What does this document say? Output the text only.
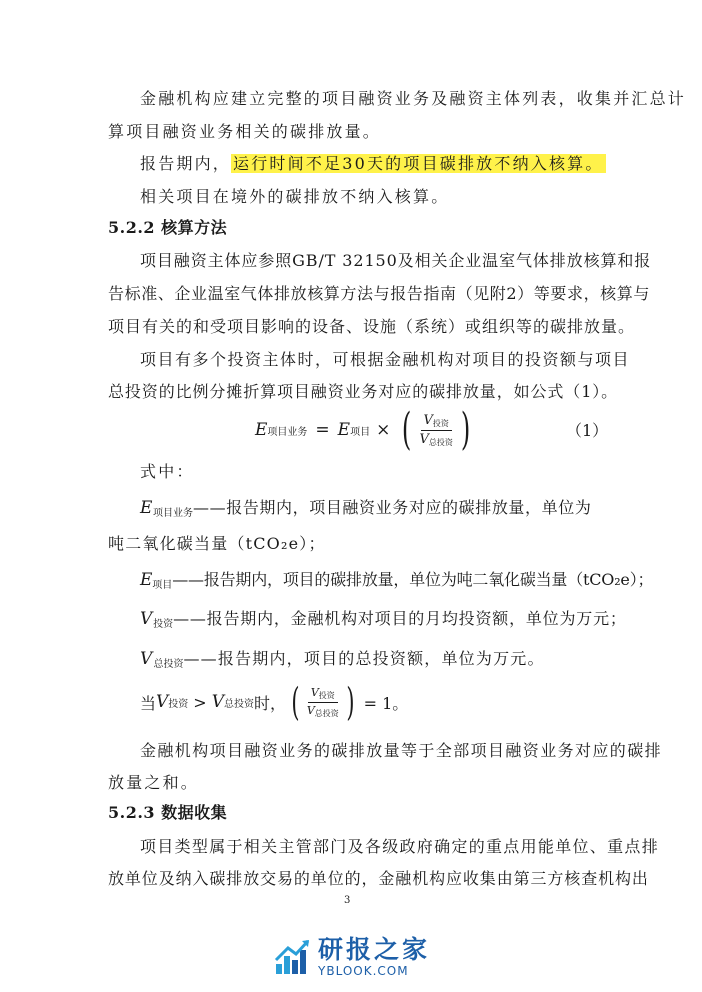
金融机构应建立完整的项目融资业务及融资主体列表，收集并汇总计
算项目融资业务相关的碳排放量。
报告期内， 运行时间不足30天的项目碳排放不纳入核算。
相关项目在境外的碳排放不纳入核算。
5.2.2 核算方法
项目融资主体应参照GB/T 32150及相关企业温室气体排放核算和报
告标准、企业温室气体排放核算方法与报告指南（见附2）等要求，核算与
项目有关的和受项目影响的设备、设施（系统）或组织等的碳排放量。
项目有多个投资主体时，可根据金融机构对项目的投资额与项目
总投资的比例分摊折算项目融资业务对应的碳排放量，如公式（1）。
E 项目业务 = E 项目 × ( $\frac{V_{投资}}{V_{总投资}}$ )	（1）
式中：
$E_{项目业务}——$报告期内，项目融资业务对应的碳排放量，单位为
吨二氧化碳当量（tCO₂e）；
$E_{项目}——$报告期内，项目的碳排放量，单位为吨二氧化碳当量（tCO₂e）；
$V_{投资}——$报告期内，金融机构对项目的月均投资额，单位为万元；
$V_{总投资}——$报告期内，项目的总投资额，单位为万元。
当 V 投资 > V 总投资 时， ( $\frac{V_{投资}}{V_{总投资}}$ ) = 1。
金融机构项目融资业务的碳排放量等于全部项目融资业务对应的碳排
放量之和。
5.2.3 数据收集
项目类型属于相关主管部门及各级政府确定的重点用能单位、重点排
放单位及纳入碳排放交易的单位的，金融机构应收集由第三方核查机构出
3
研报之家
YBLOOK.COM
